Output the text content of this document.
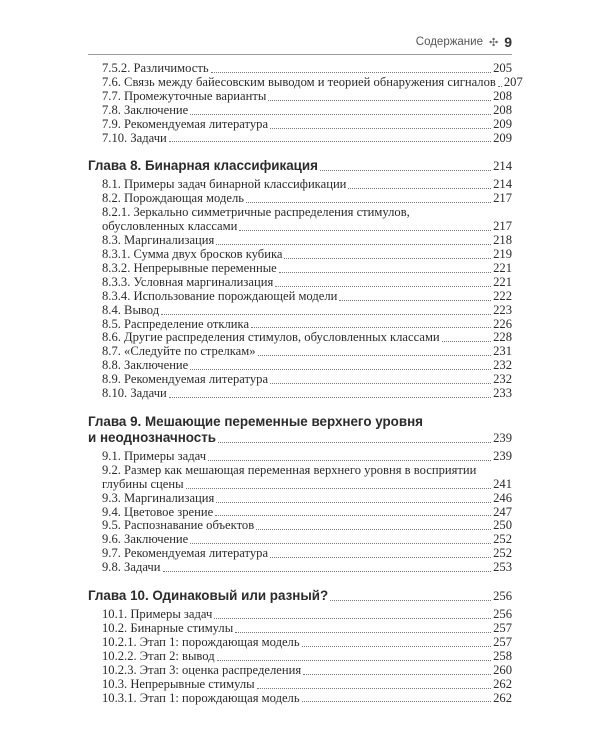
Содержание ✣ 9
7.5.2. Различимость	205
7.6. Связь между байесовским выводом и теорией обнаружения сигналов 207
7.7. Промежуточные варианты	208
7.8. Заключение	208
7.9. Рекомендуемая литература	209
7.10. Задачи	209
Глава 8. Бинарная классификация	214
8.1. Примеры задач бинарной классификации	214
8.2. Порождающая модель	217
8.2.1. Зеркально симметричные распределения стимулов,
обусловленных классами	217
8.3. Маргинализация	218
8.3.1. Сумма двух бросков кубика	219
8.3.2. Непрерывные переменные	221
8.3.3. Условная маргинализация	221
8.3.4. Использование порождающей модели	222
8.4. Вывод	223
8.5. Распределение отклика	226
8.6. Другие распределения стимулов, обусловленных классами	228
8.7. «Следуйте по стрелкам»	231
8.8. Заключение	232
8.9. Рекомендуемая литература	232
8.10. Задачи	233
Глава 9. Мешающие переменные верхнего уровня
и неоднозначность	239
9.1. Примеры задач	239
9.2. Размер как мешающая переменная верхнего уровня в восприятии
глубины сцены	241
9.3. Маргинализация	246
9.4. Цветовое зрение	247
9.5. Распознавание объектов	250
9.6. Заключение	252
9.7. Рекомендуемая литература	252
9.8. Задачи	253
Глава 10. Одинаковый или разный?	256
10.1. Примеры задач	256
10.2. Бинарные стимулы	257
10.2.1. Этап 1: порождающая модель	257
10.2.2. Этап 2: вывод	258
10.2.3. Этап 3: оценка распределения	260
10.3. Непрерывные стимулы	262
10.3.1. Этап 1: порождающая модель	262
